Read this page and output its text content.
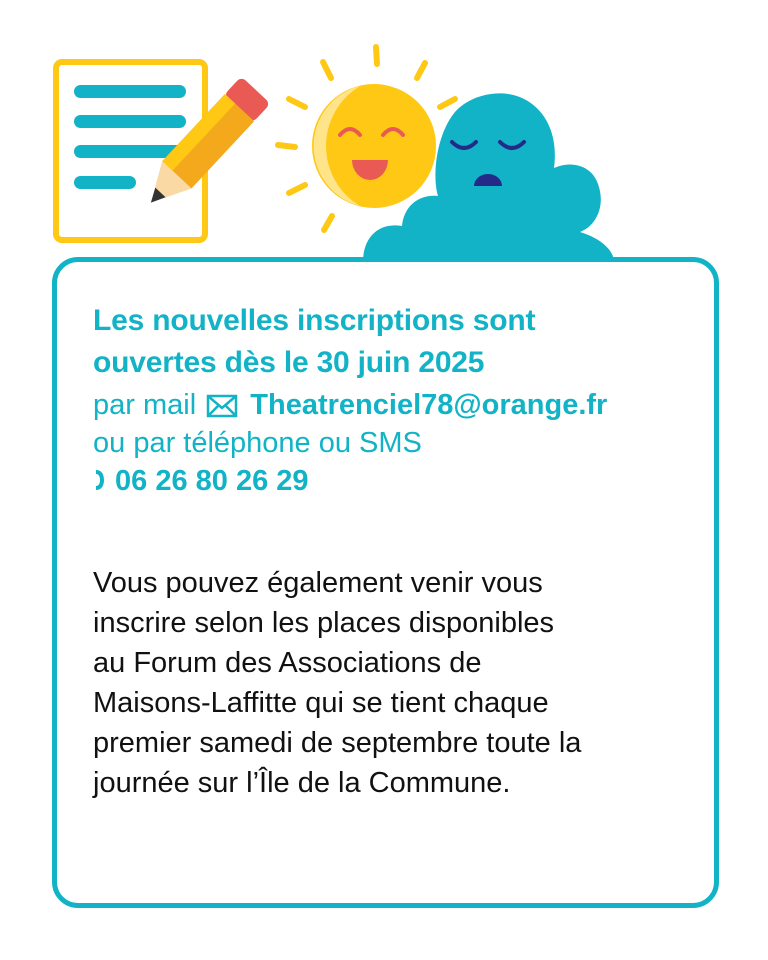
Les nouvelles inscriptions sont

ouvertes dès le 30 juin 2025

par mail Theatrenciel78@orange.fr

ou par téléphone ou SMS

06 26 80 26 29

Vous pouvez également venir vous

inscrire selon les places disponibles

au Forum des Associations de

Maisons-Laffitte qui se tient chaque

premier samedi de septembre toute la

journée sur l’Île de la Commune.
